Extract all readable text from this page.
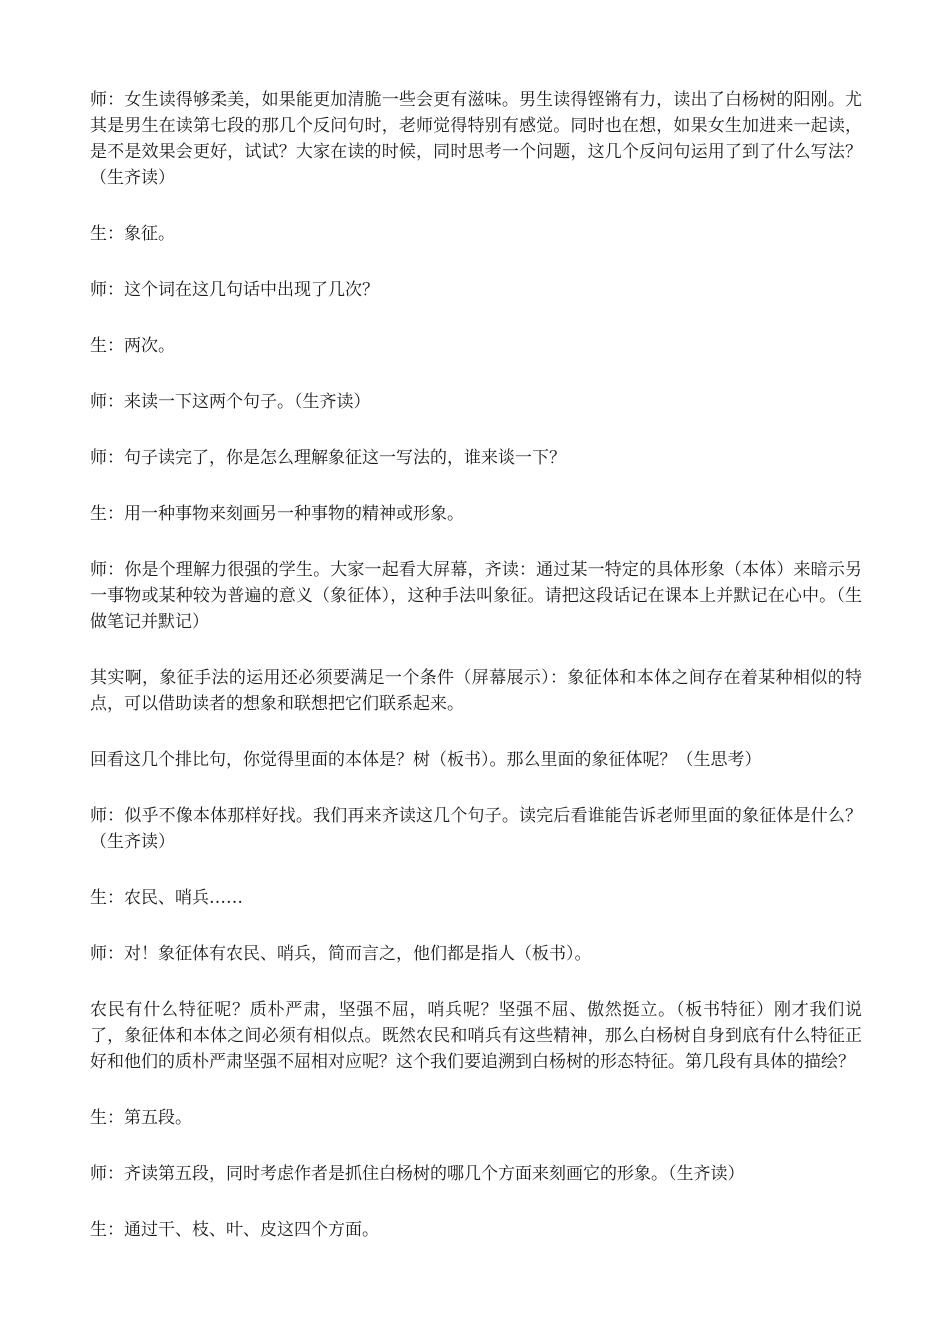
师：女生读得够柔美，如果能更加清脆一些会更有滋味。男生读得铿锵有力，读出了白杨树的阳刚。尤其是男生在读第七段的那几个反问句时，老师觉得特别有感觉。同时也在想，如果女生加进来一起读，是不是效果会更好，试试？大家在读的时候，同时思考一个问题，这几个反问句运用了到了什么写法？（生齐读）

生：象征。

师：这个词在这几句话中出现了几次？

生：两次。

师：来读一下这两个句子。（生齐读）

师：句子读完了，你是怎么理解象征这一写法的，谁来谈一下？

生：用一种事物来刻画另一种事物的精神或形象。

师：你是个理解力很强的学生。大家一起看大屏幕，齐读：通过某一特定的具体形象（本体）来暗示另一事物或某种较为普遍的意义（象征体），这种手法叫象征。请把这段话记在课本上并默记在心中。（生做笔记并默记）

其实啊，象征手法的运用还必须要满足一个条件（屏幕展示）：象征体和本体之间存在着某种相似的特点，可以借助读者的想象和联想把它们联系起来。

回看这几个排比句，你觉得里面的本体是？树（板书）。那么里面的象征体呢？（生思考）

师：似乎不像本体那样好找。我们再来齐读这几个句子。读完后看谁能告诉老师里面的象征体是什么？（生齐读）

生：农民、哨兵……

师：对！象征体有农民、哨兵，简而言之，他们都是指人（板书）。

农民有什么特征呢？质朴严肃，坚强不屈，哨兵呢？坚强不屈、傲然挺立。（板书特征）刚才我们说了，象征体和本体之间必须有相似点。既然农民和哨兵有这些精神，那么白杨树自身到底有什么特征正好和他们的质朴严肃坚强不屈相对应呢？这个我们要追溯到白杨树的形态特征。第几段有具体的描绘？

生：第五段。

师：齐读第五段，同时考虑作者是抓住白杨树的哪几个方面来刻画它的形象。（生齐读）

生：通过干、枝、叶、皮这四个方面。
